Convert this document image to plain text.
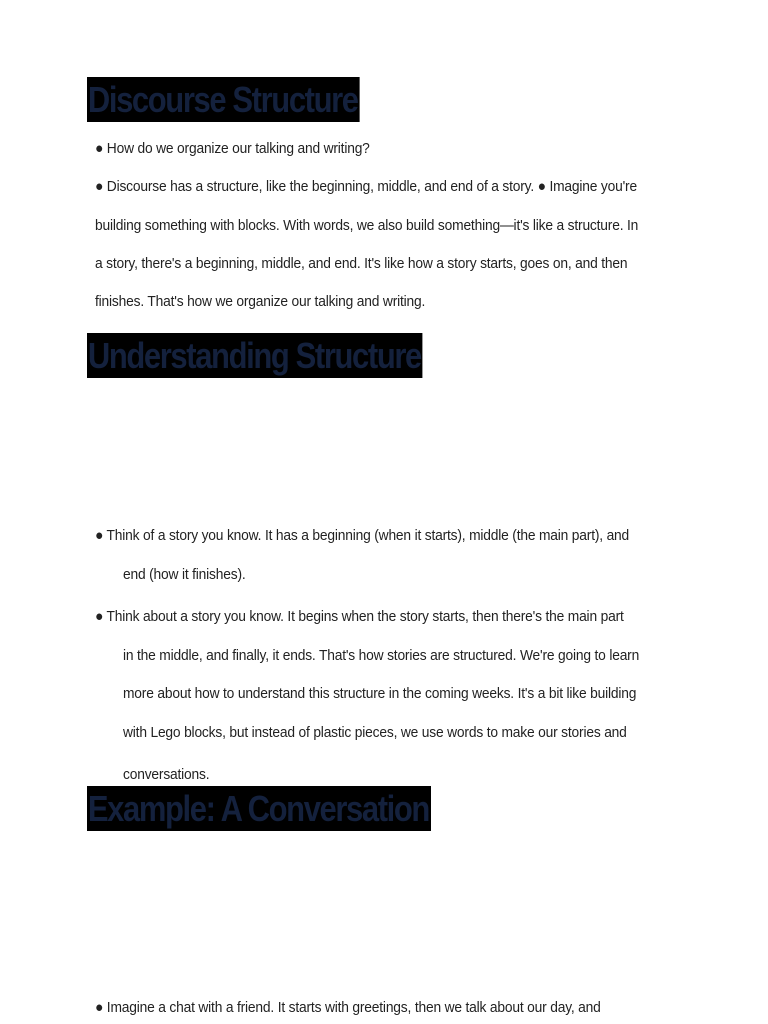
Discourse Structure

● How do we organize our talking and writing?

● Discourse has a structure, like the beginning, middle, and end of a story. ● Imagine you're

building something with blocks. With words, we also build something—it's like a structure. In

a story, there's a beginning, middle, and end. It's like how a story starts, goes on, and then

finishes. That's how we organize our talking and writing.

Understanding Structure

● Think of a story you know. It has a beginning (when it starts), middle (the main part), and

end (how it finishes).

● Think about a story you know. It begins when the story starts, then there's the main part

in the middle, and finally, it ends. That's how stories are structured. We're going to learn

more about how to understand this structure in the coming weeks. It's a bit like building

with Lego blocks, but instead of plastic pieces, we use words to make our stories and

conversations.

Example: A Conversation

● Imagine a chat with a friend. It starts with greetings, then we talk about our day, and
